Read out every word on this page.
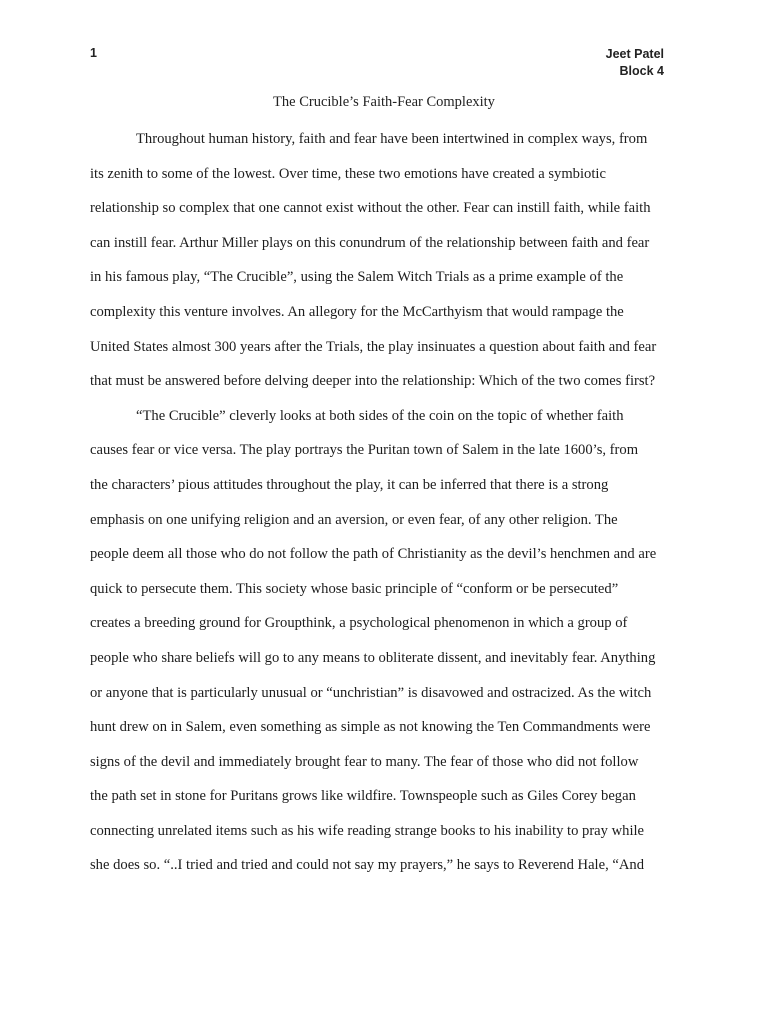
1	Jeet Patel
Block 4
The Crucible’s Faith-Fear Complexity
Throughout human history, faith and fear have been intertwined in complex ways, from
its zenith to some of the lowest. Over time, these two emotions have created a symbiotic
relationship so complex that one cannot exist without the other. Fear can instill faith, while faith
can instill fear. Arthur Miller plays on this conundrum of the relationship between faith and fear
in his famous play, “The Crucible”, using the Salem Witch Trials as a prime example of the
complexity this venture involves. An allegory for the McCarthyism that would rampage the
United States almost 300 years after the Trials, the play insinuates a question about faith and fear
that must be answered before delving deeper into the relationship: Which of the two comes first?
“The Crucible” cleverly looks at both sides of the coin on the topic of whether faith
causes fear or vice versa. The play portrays the Puritan town of Salem in the late 1600’s, from
the characters’ pious attitudes throughout the play, it can be inferred that there is a strong
emphasis on one unifying religion and an aversion, or even fear, of any other religion. The
people deem all those who do not follow the path of Christianity as the devil’s henchmen and are
quick to persecute them. This society whose basic principle of “conform or be persecuted”
creates a breeding ground for Groupthink, a psychological phenomenon in which a group of
people who share beliefs will go to any means to obliterate dissent, and inevitably fear. Anything
or anyone that is particularly unusual or “unchristian” is disavowed and ostracized. As the witch
hunt drew on in Salem, even something as simple as not knowing the Ten Commandments were
signs of the devil and immediately brought fear to many. The fear of those who did not follow
the path set in stone for Puritans grows like wildfire. Townspeople such as Giles Corey began
connecting unrelated items such as his wife reading strange books to his inability to pray while
she does so. “..I tried and tried and could not say my prayers,” he says to Reverend Hale, “And
